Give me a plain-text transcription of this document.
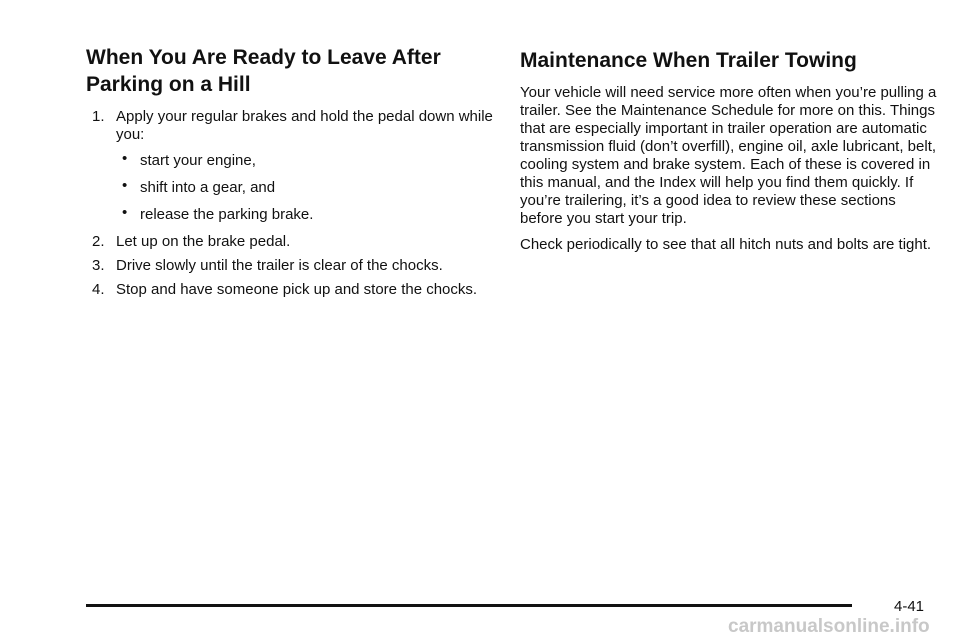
When You Are Ready to Leave After Parking on a Hill
1. Apply your regular brakes and hold the pedal down while you:
• start your engine,
• shift into a gear, and
• release the parking brake.
2. Let up on the brake pedal.
3. Drive slowly until the trailer is clear of the chocks.
4. Stop and have someone pick up and store the chocks.
Maintenance When Trailer Towing

Your vehicle will need service more often when you’re pulling a trailer. See the Maintenance Schedule for more on this. Things that are especially important in trailer operation are automatic transmission fluid (don’t overfill), engine oil, axle lubricant, belt, cooling system and brake system. Each of these is covered in this manual, and the Index will help you find them quickly. If you’re trailering, it’s a good idea to review these sections before you start your trip.

Check periodically to see that all hitch nuts and bolts are tight.

4-41
carmanualsonline.info
